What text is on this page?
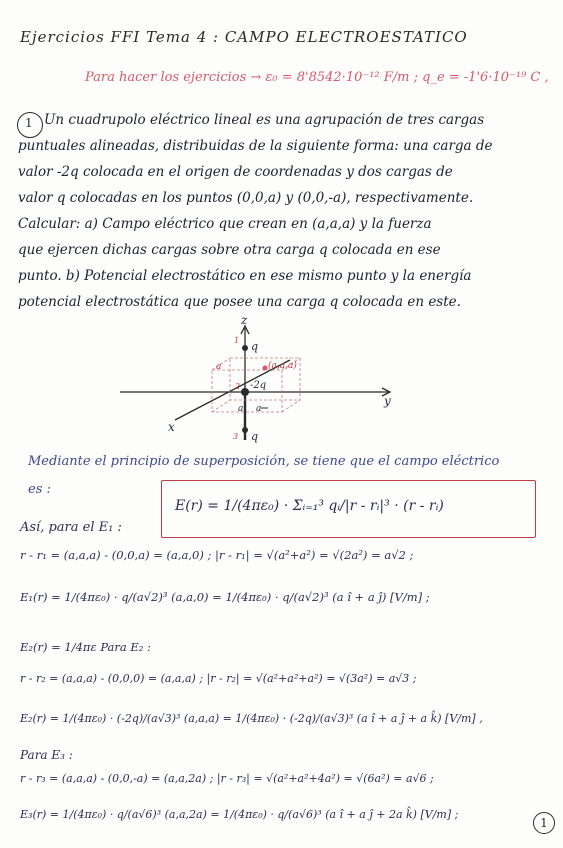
Ejercicios FFI Tema 4 : CAMPO ELECTROESTATICO
Para hacer los ejercicios → ε₀ = 8'8542·10⁻¹² F/m ; q_e = -1'6·10⁻¹⁹ C ,
1 Un cuadrupolo eléctrico lineal es una agrupación de tres cargas
puntuales alineadas, distribuidas de la siguiente forma: una carga de
valor -2q colocada en el origen de coordenadas y dos cargas de
valor q colocadas en los puntos (0,0,a) y (0,0,-a), respectivamente.
Calcular: a) Campo eléctrico que crean en (a,a,a) y la fuerza
que ejercen dichas cargas sobre otra carga q colocada en ese
punto. b) Potencial electrostático en ese mismo punto y la energía
potencial electrostática que posee una carga q colocada en este.
z
y
x
q
-2q
q
(a,a,a)
1
2
3
a
a
a
Mediante el principio de superposición, se tiene que el campo eléctrico
es :
E(r) = 1/(4πε₀) · Σᵢ₌₁³ qᵢ/|r - rᵢ|³ · (r - rᵢ)
Así, para el E₁ :
r - r₁ = (a,a,a) - (0,0,a) = (a,a,0) ; |r - r₁| = √(a²+a²) = √(2a²) = a√2 ;
E₁(r) = 1/(4πε₀) · q/(a√2)³ (a,a,0) = 1/(4πε₀) · q/(a√2)³ (a î + a ĵ) [V/m] ;
E₂(r) = 1/4πε Para E₂ :
r - r₂ = (a,a,a) - (0,0,0) = (a,a,a) ; |r - r₂| = √(a²+a²+a²) = √(3a²) = a√3 ;
E₂(r) = 1/(4πε₀) · (-2q)/(a√3)³ (a,a,a) = 1/(4πε₀) · (-2q)/(a√3)³ (a î + a ĵ + a k̂) [V/m] ,
Para E₃ :
r - r₃ = (a,a,a) - (0,0,-a) = (a,a,2a) ; |r - r₃| = √(a²+a²+4a²) = √(6a²) = a√6 ;
E₃(r) = 1/(4πε₀) · q/(a√6)³ (a,a,2a) = 1/(4πε₀) · q/(a√6)³ (a î + a ĵ + 2a k̂) [V/m] ;
1
